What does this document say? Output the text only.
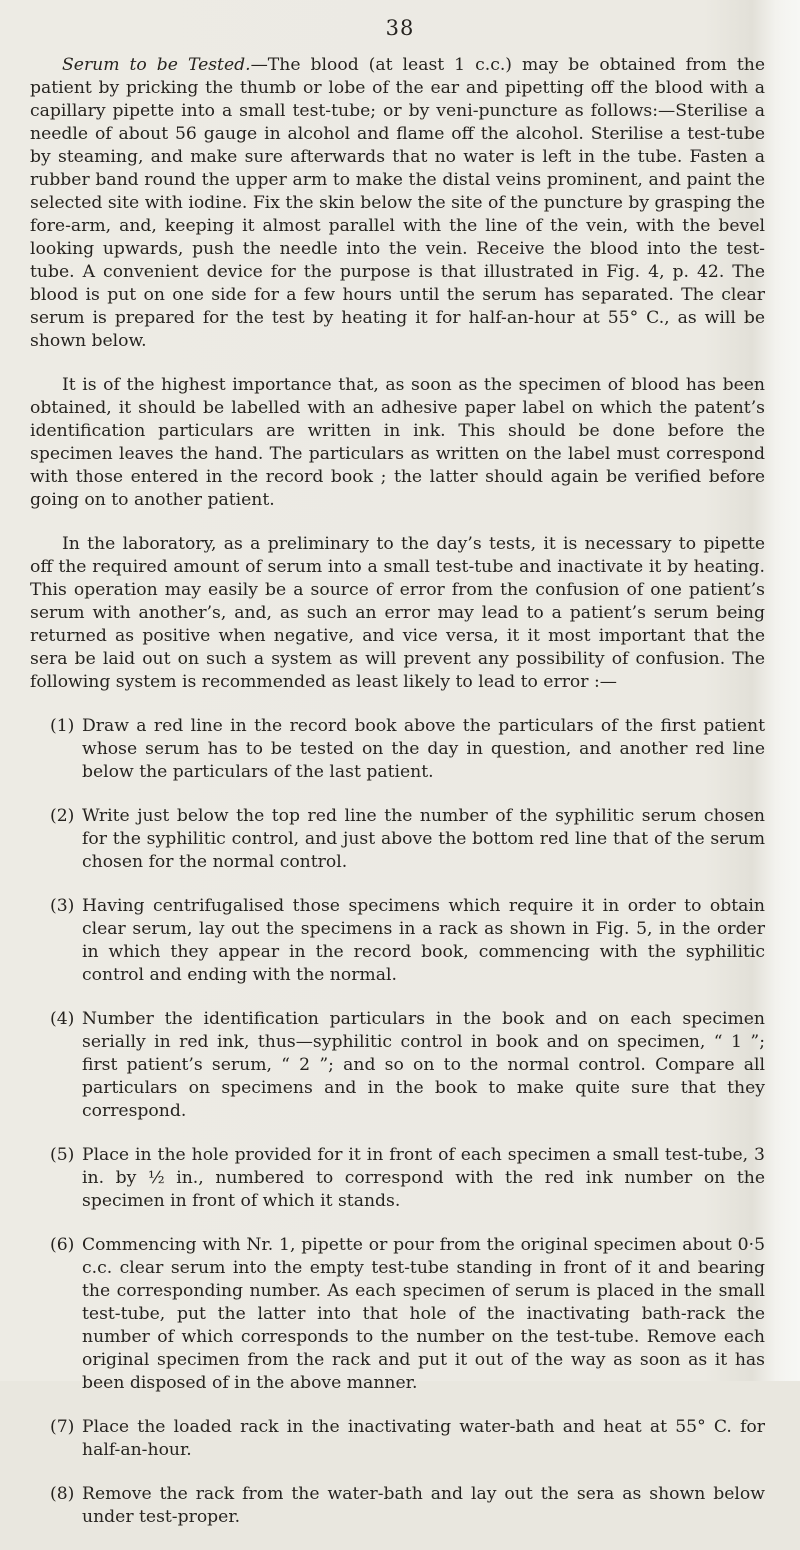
38

Serum to be Tested.—The blood (at least 1 c.c.) may be obtained from the patient by pricking the thumb or lobe of the ear and pipetting off the blood with a capillary pipette into a small test-tube; or by veni-puncture as follows:—Sterilise a needle of about 56 gauge in alcohol and flame off the alcohol. Sterilise a test-tube by steaming, and make sure afterwards that no water is left in the tube. Fasten a rubber band round the upper arm to make the distal veins prominent, and paint the selected site with iodine. Fix the skin below the site of the puncture by grasping the fore-arm, and, keeping it almost parallel with the line of the vein, with the bevel looking upwards, push the needle into the vein. Receive the blood into the test-tube. A convenient device for the purpose is that illustrated in Fig. 4, p. 42. The blood is put on one side for a few hours until the serum has separated. The clear serum is prepared for the test by heating it for half-an-hour at 55° C., as will be shown below.

It is of the highest importance that, as soon as the specimen of blood has been obtained, it should be labelled with an adhesive paper label on which the patent’s identification particulars are written in ink. This should be done before the specimen leaves the hand. The particulars as written on the label must correspond with those entered in the record book ; the latter should again be verified before going on to another patient.

In the laboratory, as a preliminary to the day’s tests, it is necessary to pipette off the required amount of serum into a small test-tube and inactivate it by heating. This operation may easily be a source of error from the confusion of one patient’s serum with another’s, and, as such an error may lead to a patient’s serum being returned as positive when negative, and vice versa, it it most important that the sera be laid out on such a system as will prevent any possibility of confusion. The following system is recommended as least likely to lead to error :—

(1) Draw a red line in the record book above the particulars of the first patient whose serum has to be tested on the day in question, and another red line below the particulars of the last patient.
(2) Write just below the top red line the number of the syphilitic serum chosen for the syphilitic control, and just above the bottom red line that of the serum chosen for the normal control.
(3) Having centrifugalised those specimens which require it in order to obtain clear serum, lay out the specimens in a rack as shown in Fig. 5, in the order in which they appear in the record book, commencing with the syphilitic control and ending with the normal.
(4) Number the identification particulars in the book and on each specimen serially in red ink, thus—syphilitic control in book and on specimen, “ 1 ”; first patient’s serum, “ 2 ”; and so on to the normal control. Compare all particulars on specimens and in the book to make quite sure that they correspond.
(5) Place in the hole provided for it in front of each specimen a small test-tube, 3 in. by ½ in., numbered to correspond with the red ink number on the specimen in front of which it stands.
(6) Commencing with Nr. 1, pipette or pour from the original specimen about 0·5 c.c. clear serum into the empty test-tube standing in front of it and bearing the corresponding number. As each specimen of serum is placed in the small test-tube, put the latter into that hole of the inactivating bath-rack the number of which corresponds to the number on the test-tube. Remove each original specimen from the rack and put it out of the way as soon as it has been disposed of in the above manner.
(7) Place the loaded rack in the inactivating water-bath and heat at 55° C. for half-an-hour.
(8) Remove the rack from the water-bath and lay out the sera as shown below under test-proper.
